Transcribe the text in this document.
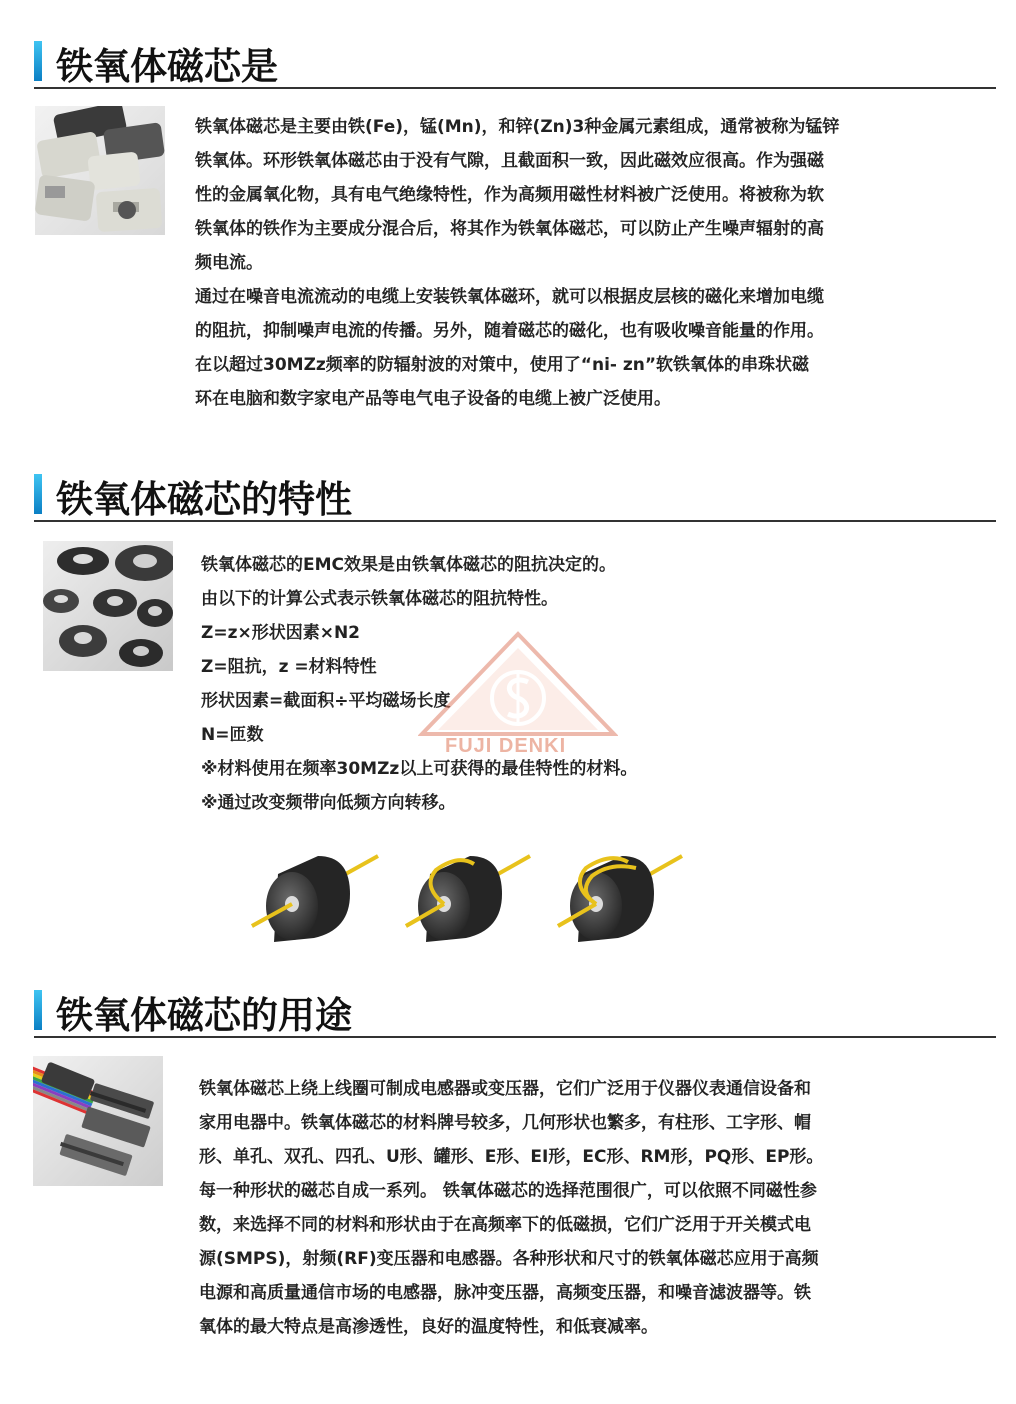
铁氧体磁芯是
铁氧体磁芯是主要由铁(Fe)，锰(Mn)，和锌(Zn)3种金属元素组成，通常被称为锰锌
铁氧体。环形铁氧体磁芯由于没有气隙，且截面积一致，因此磁效应很高。作为强磁
性的金属氧化物，具有电气绝缘特性，作为高频用磁性材料被广泛使用。将被称为软
铁氧体的铁作为主要成分混合后，将其作为铁氧体磁芯，可以防止产生噪声辐射的高
频电流。
通过在噪音电流流动的电缆上安装铁氧体磁环，就可以根据皮层核的磁化来增加电缆
的阻抗，抑制噪声电流的传播。另外，随着磁芯的磁化，也有吸收噪音能量的作用。
在以超过30MZz频率的防辐射波的对策中，使用了“ni- zn”软铁氧体的串珠状磁
环在电脑和数字家电产品等电气电子设备的电缆上被广泛使用。
铁氧体磁芯的特性
铁氧体磁芯的EMC效果是由铁氧体磁芯的阻抗决定的。
由以下的计算公式表示铁氧体磁芯的阻抗特性。
Z=z×形状因素×N2
Z=阻抗，z =材料特性
形状因素=截面积÷平均磁场长度
N=匝数
※材料使用在频率30MZz以上可获得的最佳特性的材料。
※通过改变频带向低频方向转移。
FUJI DENKI
铁氧体磁芯的用途
铁氧体磁芯上绕上线圈可制成电感器或变压器，它们广泛用于仪器仪表通信设备和
家用电器中。铁氧体磁芯的材料牌号较多，几何形状也繁多，有柱形、工字形、帽
形、单孔、双孔、四孔、U形、罐形、E形、EI形，EC形、RM形，PQ形、EP形。
每一种形状的磁芯自成一系列。 铁氧体磁芯的选择范围很广，可以依照不同磁性参
数，来选择不同的材料和形状由于在高频率下的低磁损，它们广泛用于开关模式电
源(SMPS)，射频(RF)变压器和电感器。各种形状和尺寸的铁氧体磁芯应用于高频
电源和高质量通信市场的电感器，脉冲变压器，高频变压器，和噪音滤波器等。铁
氧体的最大特点是高渗透性，良好的温度特性，和低衰减率。
